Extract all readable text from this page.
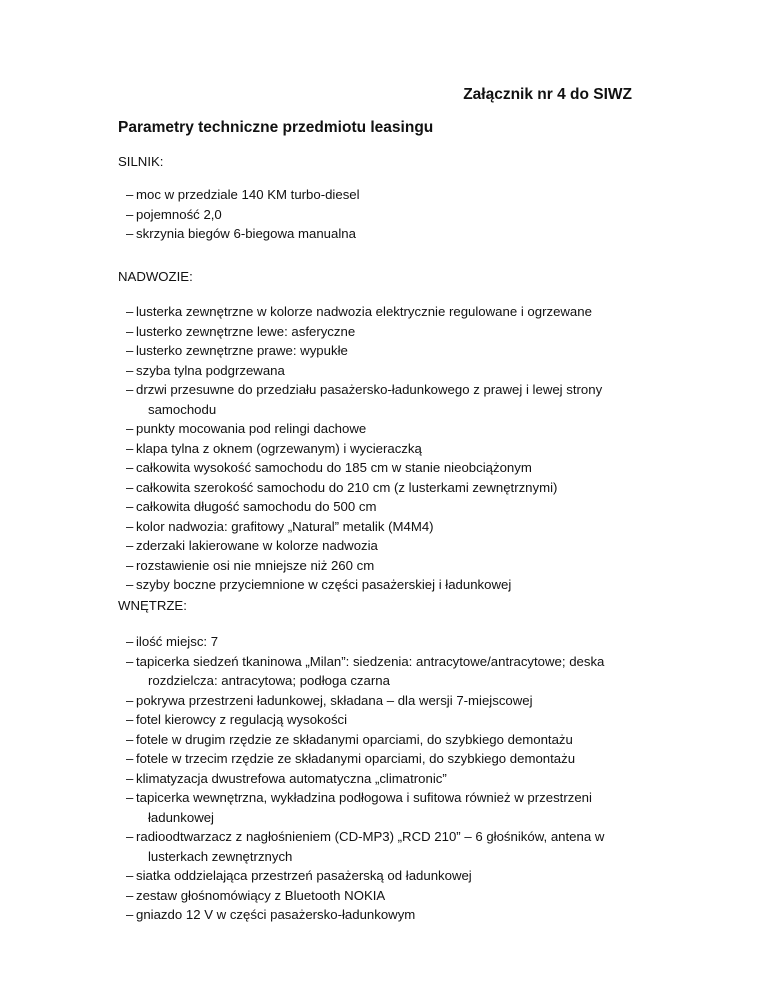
Załącznik nr 4 do SIWZ

Parametry techniczne przedmiotu leasingu

SILNIK:

– moc w przedziale 140 KM turbo-diesel
– pojemność 2,0
– skrzynia biegów 6-biegowa manualna

NADWOZIE:

– lusterka zewnętrzne w kolorze nadwozia elektrycznie regulowane i ogrzewane
– lusterko zewnętrzne lewe: asferyczne
– lusterko zewnętrzne prawe: wypukłe
– szyba tylna podgrzewana
– drzwi przesuwne do przedziału pasażersko-ładunkowego z prawej i lewej strony
samochodu
– punkty mocowania pod relingi dachowe
– klapa tylna z oknem (ogrzewanym) i wycieraczką
– całkowita wysokość samochodu do 185 cm w stanie nieobciążonym
– całkowita szerokość samochodu do 210 cm (z lusterkami zewnętrznymi)
– całkowita długość samochodu do 500 cm
– kolor nadwozia: grafitowy „Natural” metalik (M4M4)
– zderzaki lakierowane w kolorze nadwozia
– rozstawienie osi nie mniejsze niż 260 cm
– szyby boczne przyciemnione w części pasażerskiej i ładunkowej

WNĘTRZE:

– ilość miejsc: 7
– tapicerka siedzeń tkaninowa „Milan”: siedzenia: antracytowe/antracytowe; deska
rozdzielcza: antracytowa; podłoga czarna
– pokrywa przestrzeni ładunkowej, składana – dla wersji 7-miejscowej
– fotel kierowcy z regulacją wysokości
– fotele w drugim rzędzie ze składanymi oparciami, do szybkiego demontażu
– fotele w trzecim rzędzie ze składanymi oparciami, do szybkiego demontażu
– klimatyzacja dwustrefowa automatyczna „climatronic”
– tapicerka wewnętrzna, wykładzina podłogowa i sufitowa również w przestrzeni
ładunkowej
– radioodtwarzacz z nagłośnieniem (CD-MP3) „RCD 210” – 6 głośników, antena w
lusterkach zewnętrznych
– siatka oddzielająca przestrzeń pasażerską od ładunkowej
– zestaw głośnomówiący z Bluetooth NOKIA
– gniazdo 12 V w części pasażersko-ładunkowym
